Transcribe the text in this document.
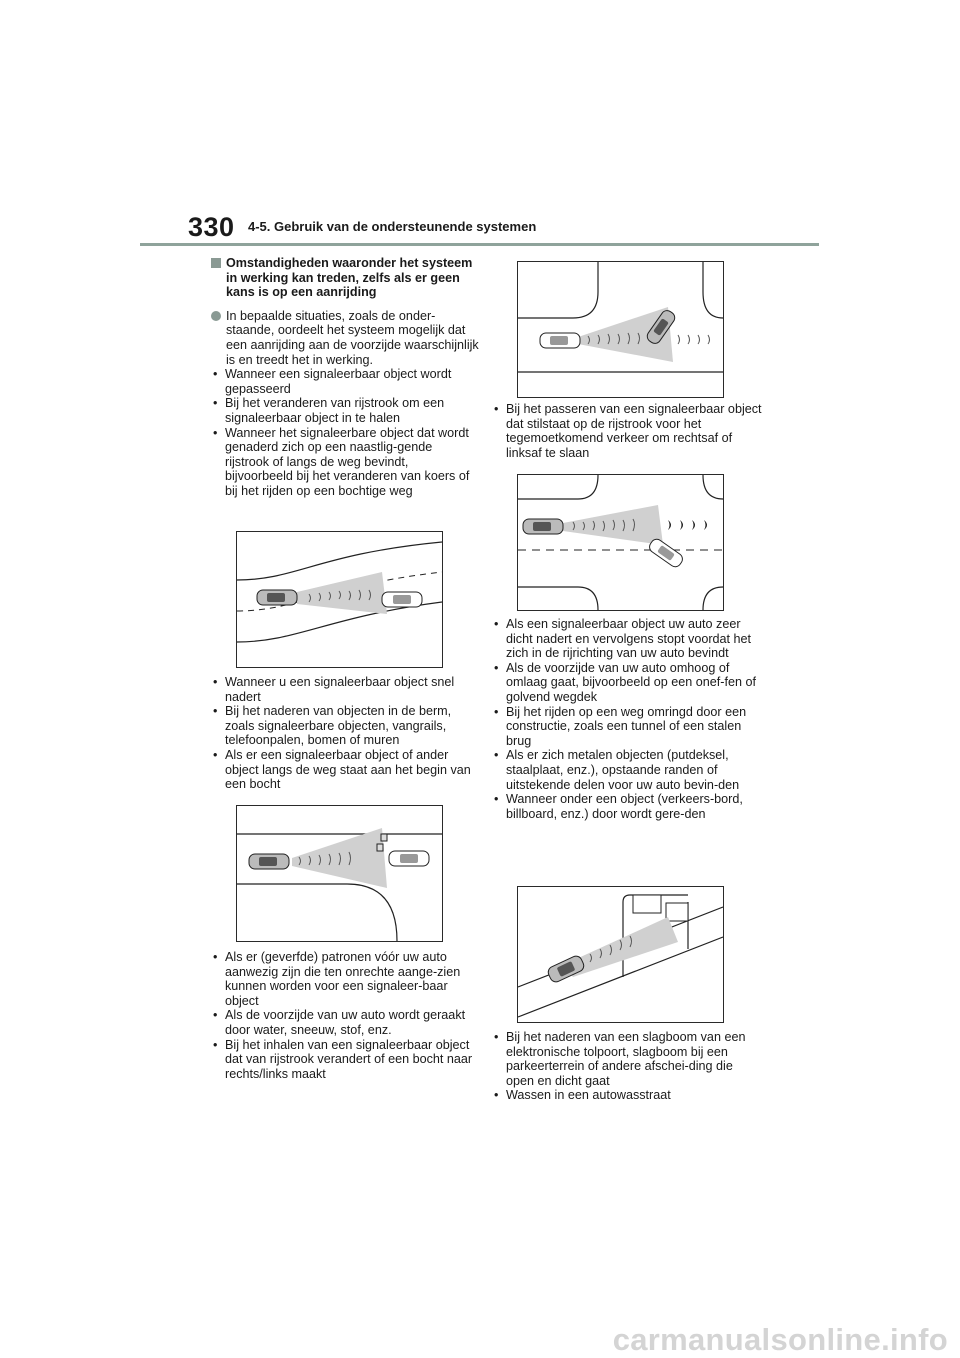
330 4-5. Gebruik van de ondersteunende systemen
Omstandigheden waaronder het systeem in werking kan treden, zelfs als er geen kans is op een aanrijding
In bepaalde situaties, zoals de onder-staande, oordeelt het systeem mogelijk dat een aanrijding aan de voorzijde waarschijnlijk is en treedt het in werking.
• Wanneer een signaleerbaar object wordt gepasseerd
• Bij het veranderen van rijstrook om een signaleerbaar object in te halen
• Wanneer het signaleerbare object dat wordt genaderd zich op een naastlig-gende rijstrook of langs de weg bevindt, bijvoorbeeld bij het veranderen van koers of bij het rijden op een bochtige weg
• Wanneer u een signaleerbaar object snel nadert
• Bij het naderen van objecten in de berm, zoals signaleerbare objecten, vangrails, telefoonpalen, bomen of muren
• Als er een signaleerbaar object of ander object langs de weg staat aan het begin van een bocht
• Als er (geverfde) patronen vóór uw auto aanwezig zijn die ten onrechte aange-zien kunnen worden voor een signaleer-baar object
• Als de voorzijde van uw auto wordt geraakt door water, sneeuw, stof, enz.
• Bij het inhalen van een signaleerbaar object dat van rijstrook verandert of een bocht naar rechts/links maakt
• Bij het passeren van een signaleerbaar object dat stilstaat op de rijstrook voor het tegemoetkomend verkeer om rechtsaf of linksaf te slaan
• Als een signaleerbaar object uw auto zeer dicht nadert en vervolgens stopt voordat het zich in de rijrichting van uw auto bevindt
• Als de voorzijde van uw auto omhoog of omlaag gaat, bijvoorbeeld op een onef-fen of golvend wegdek
• Bij het rijden op een weg omringd door een constructie, zoals een tunnel of een stalen brug
• Als er zich metalen objecten (putdeksel, staalplaat, enz.), opstaande randen of uitstekende delen voor uw auto bevin-den
• Wanneer onder een object (verkeers-bord, billboard, enz.) door wordt gere-den
• Bij het naderen van een slagboom van een elektronische tolpoort, slagboom bij een parkeerterrein of andere afschei-ding die open en dicht gaat
• Wassen in een autowasstraat
carmanualsonline.info
